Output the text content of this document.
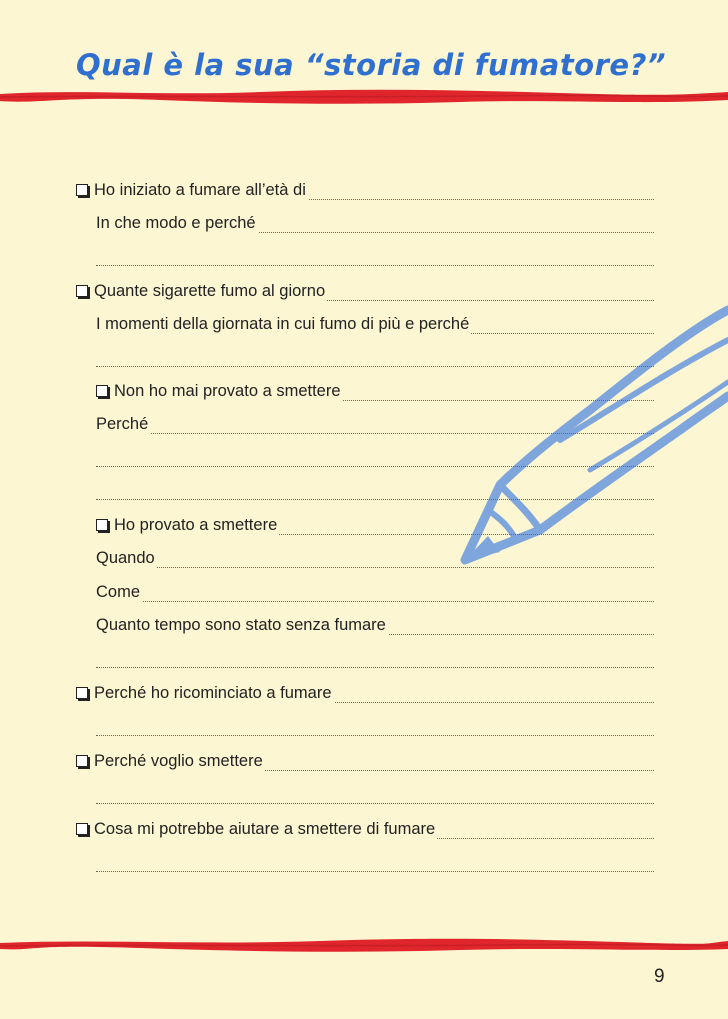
Qual è la sua “storia di fumatore?”
Ho iniziato a fumare all’età di
In che modo e perché
Quante sigarette fumo al giorno
I momenti della giornata in cui fumo di più e perché
Non ho mai provato a smettere
Perché
Ho provato a smettere
Quando
Come
Quanto tempo sono stato senza fumare
Perché ho ricominciato a fumare
Perché voglio smettere
Cosa mi potrebbe aiutare a smettere di fumare
9
